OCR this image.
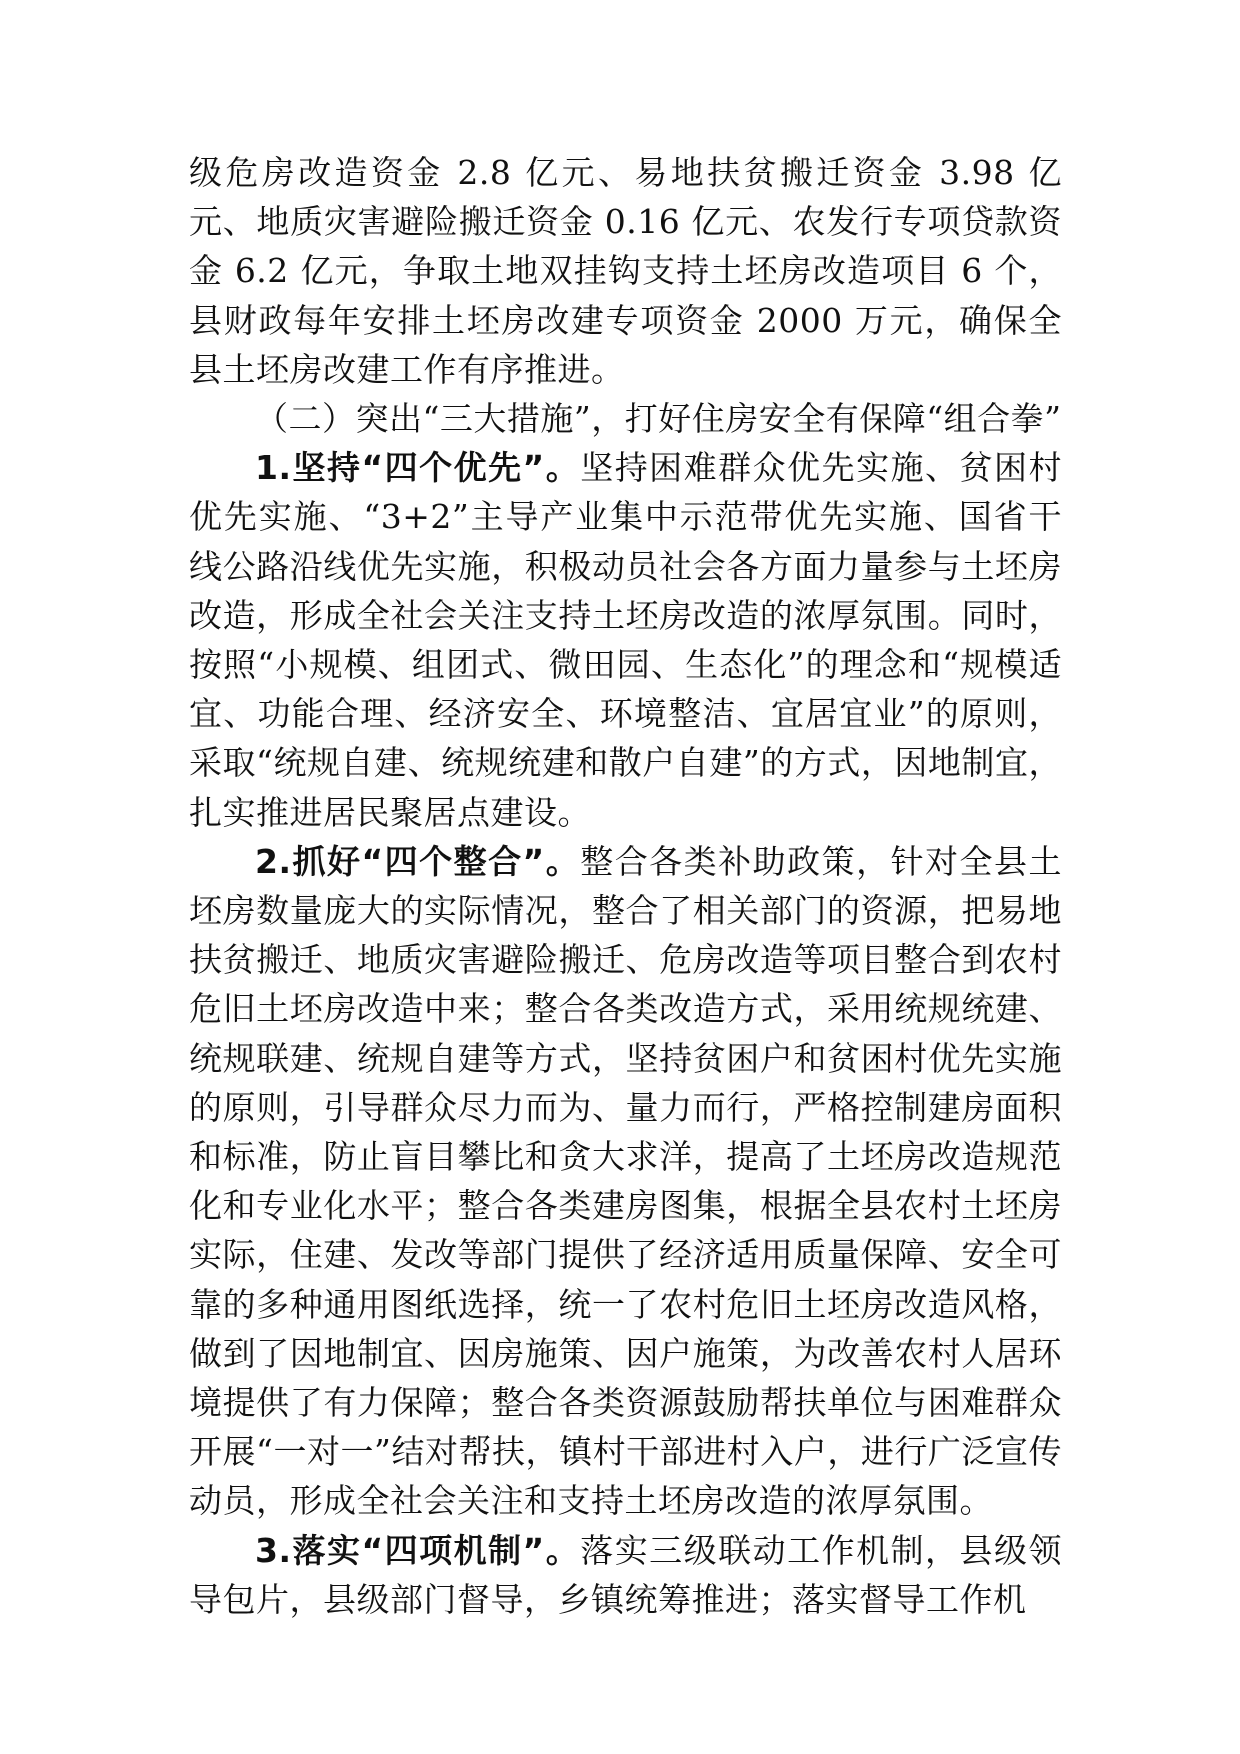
级危房改造资金 2.8 亿元、易地扶贫搬迁资金 3.98 亿元、地质灾害避险搬迁资金 0.16 亿元、农发行专项贷款资金 6.2 亿元，争取土地双挂钩支持土坯房改造项目 6 个，县财政每年安排土坯房改建专项资金 2000 万元，确保全县土坯房改建工作有序推进。

（二）突出“三大措施”，打好住房安全有保障“组合拳”

1.坚持“四个优先”。坚持困难群众优先实施、贫困村优先实施、“3+2”主导产业集中示范带优先实施、国省干线公路沿线优先实施，积极动员社会各方面力量参与土坯房改造，形成全社会关注支持土坯房改造的浓厚氛围。同时，按照“小规模、组团式、微田园、生态化”的理念和“规模适宜、功能合理、经济安全、环境整洁、宜居宜业”的原则，采取“统规自建、统规统建和散户自建”的方式，因地制宜，扎实推进居民聚居点建设。

2.抓好“四个整合”。整合各类补助政策，针对全县土坯房数量庞大的实际情况，整合了相关部门的资源，把易地扶贫搬迁、地质灾害避险搬迁、危房改造等项目整合到农村危旧土坯房改造中来；整合各类改造方式，采用统规统建、统规联建、统规自建等方式，坚持贫困户和贫困村优先实施的原则，引导群众尽力而为、量力而行，严格控制建房面积和标准，防止盲目攀比和贪大求洋，提高了土坯房改造规范化和专业化水平；整合各类建房图集，根据全县农村土坯房实际，住建、发改等部门提供了经济适用质量保障、安全可靠的多种通用图纸选择，统一了农村危旧土坯房改造风格，做到了因地制宜、因房施策、因户施策，为改善农村人居环境提供了有力保障；整合各类资源鼓励帮扶单位与困难群众开展“一对一”结对帮扶，镇村干部进村入户，进行广泛宣传动员，形成全社会关注和支持土坯房改造的浓厚氛围。

3.落实“四项机制”。落实三级联动工作机制，县级领导包片，县级部门督导，乡镇统筹推进；落实督导工作机
